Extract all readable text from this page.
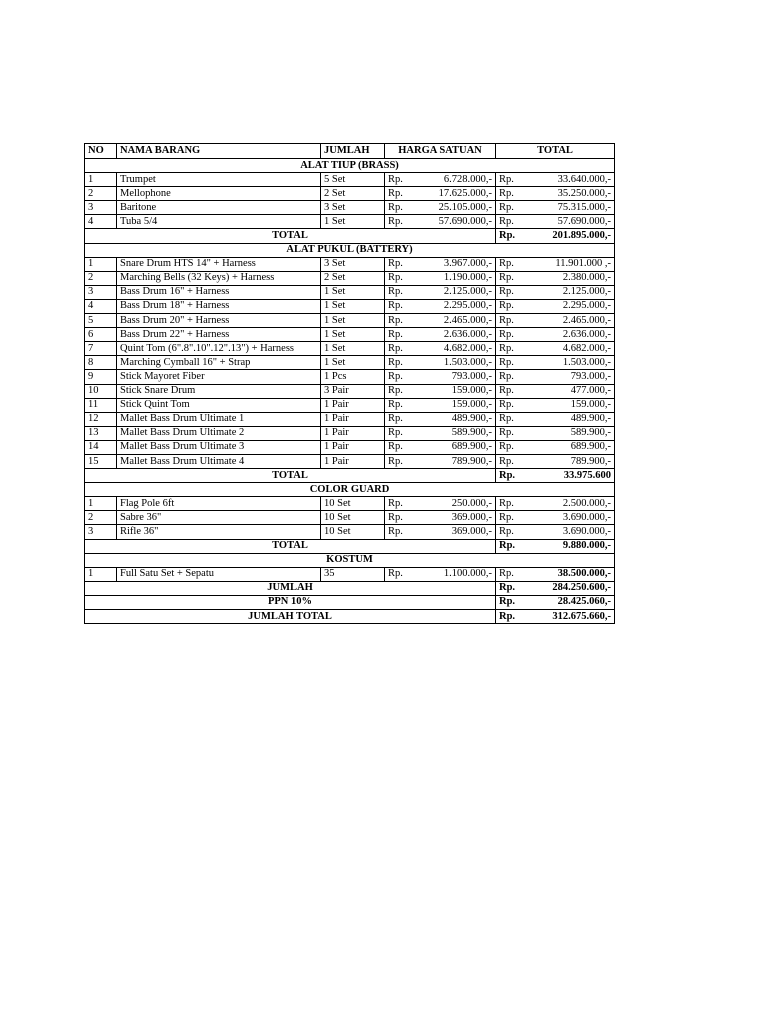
NO	NAMA BARANG	JUMLAH	HARGA SATUAN		TOTAL	
ALAT TIUP (BRASS)						
1	Trumpet	5 Set	Rp.	6.728.000,-	Rp.	33.640.000,-
2	Mellophone	2 Set	Rp.	17.625.000,-	Rp.	35.250.000,-
3	Baritone	3 Set	Rp.	25.105.000,-	Rp.	75.315.000,-
4	Tuba 5/4	1 Set	Rp.	57.690.000,-	Rp.	57.690.000,-
TOTAL					Rp.	201.895.000,-
ALAT PUKUL (BATTERY)						
1	Snare Drum HTS 14" + Harness	3 Set	Rp.	3.967.000,-	Rp.	11.901.000 ,-
2	Marching Bells (32 Keys) + Harness	2 Set	Rp.	1.190.000,-	Rp.	2.380.000,-
3	Bass Drum 16" + Harness	1 Set	Rp.	2.125.000,-	Rp.	2.125.000,-
4	Bass Drum 18" + Harness	1 Set	Rp.	2.295.000,-	Rp.	2.295.000,-
5	Bass Drum 20" + Harness	1 Set	Rp.	2.465.000,-	Rp.	2.465.000,-
6	Bass Drum 22" + Harness	1 Set	Rp.	2.636.000,-	Rp.	2.636.000,-
7	Quint Tom (6".8".10".12".13") + Harness	1 Set	Rp.	4.682.000,-	Rp.	4.682.000,-
8	Marching Cymball 16" + Strap	1 Set	Rp.	1.503.000,-	Rp.	1.503.000,-
9	Stick Mayoret Fiber	1 Pcs	Rp.	793.000,-	Rp.	793.000,-
10	Stick Snare Drum	3 Pair	Rp.	159.000,-	Rp.	477.000,-
11	Stick Quint Tom	1 Pair	Rp.	159.000,-	Rp.	159.000,-
12	Mallet Bass Drum Ultimate 1	1 Pair	Rp.	489.900,-	Rp.	489.900,-
13	Mallet Bass Drum Ultimate 2	1 Pair	Rp.	589.900,-	Rp.	589.900,-
14	Mallet Bass Drum Ultimate 3	1 Pair	Rp.	689.900,-	Rp.	689.900,-
15	Mallet Bass Drum Ultimate 4	1 Pair	Rp.	789.900,-	Rp.	789.900,-
TOTAL					Rp.	33.975.600
COLOR GUARD						
1	Flag Pole 6ft	10 Set	Rp.	250.000,-	Rp.	2.500.000,-
2	Sabre 36"	10 Set	Rp.	369.000,-	Rp.	3.690.000,-
3	Rifle 36"	10 Set	Rp.	369.000,-	Rp.	3.690.000,-
TOTAL					Rp.	9.880.000,-
KOSTUM						
1	Full Satu Set + Sepatu	35	Rp.	1.100.000,-	Rp.	38.500.000,-
JUMLAH					Rp.	284.250.600,-
PPN 10%					Rp.	28.425.060,-
JUMLAH TOTAL					Rp.	312.675.660,-
